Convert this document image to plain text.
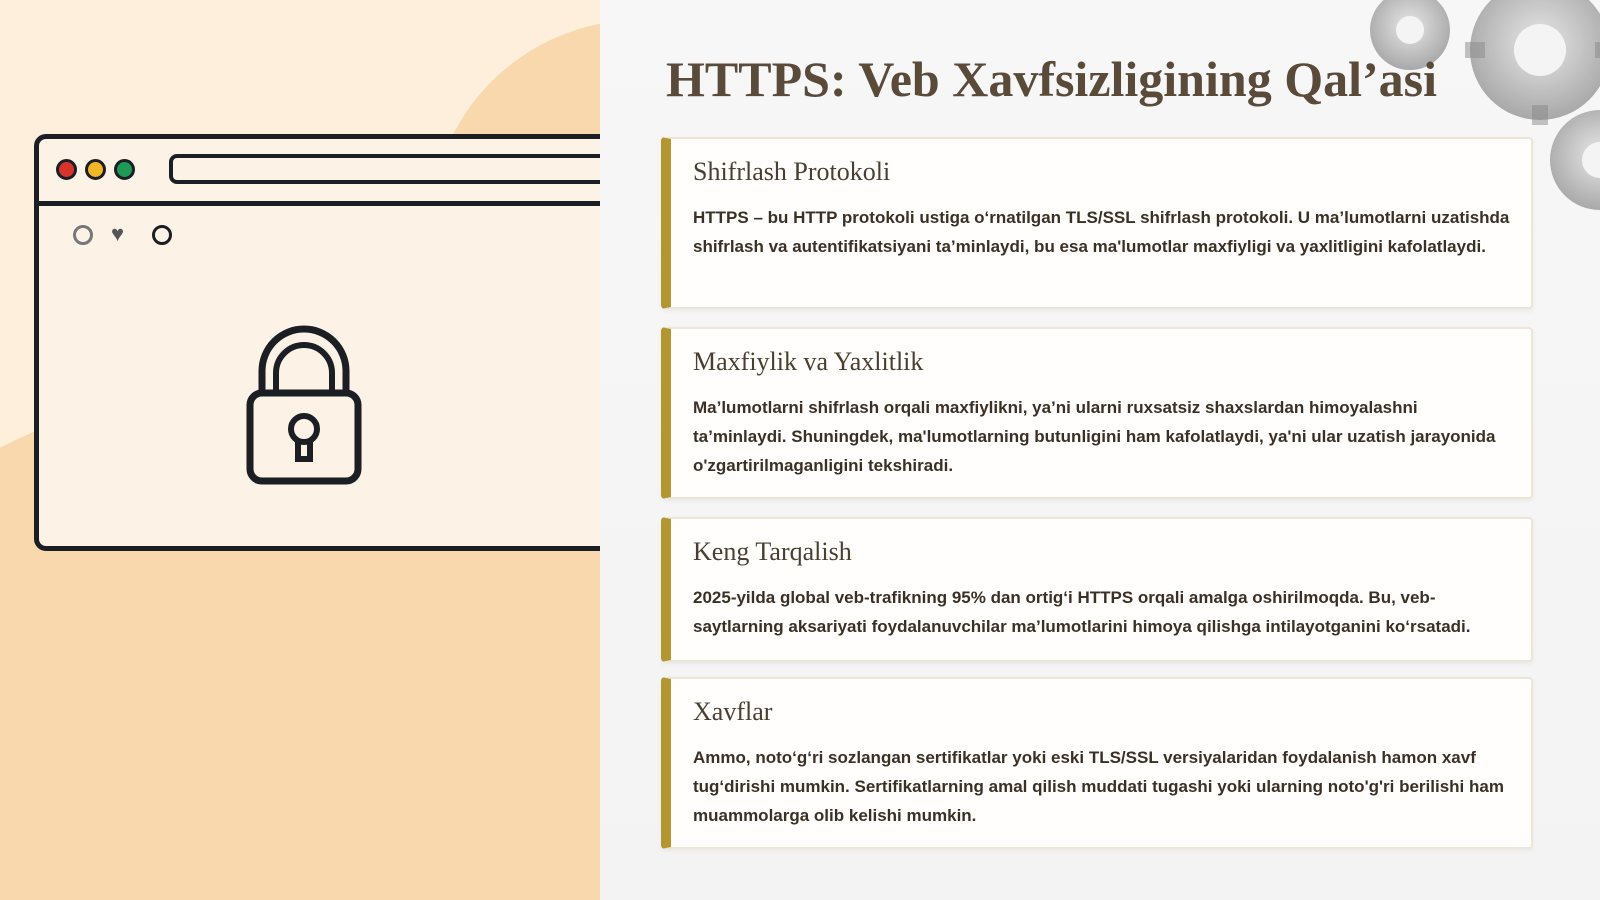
♥
HTTPS: Veb Xavfsizligining Qal’asi
Shifrlash Protokoli

HTTPS – bu HTTP protokoli ustiga o‘rnatilgan TLS/SSL shifrlash protokoli. U ma’lumotlarni uzatishda shifrlash va autentifikatsiyani ta’minlaydi, bu esa ma'lumotlar maxfiyligi va yaxlitligini kafolatlaydi.

Maxfiylik va Yaxlitlik

Ma’lumotlarni shifrlash orqali maxfiylikni, ya’ni ularni ruxsatsiz shaxslardan himoyalashni ta’minlaydi. Shuningdek, ma'lumotlarning butunligini ham kafolatlaydi, ya'ni ular uzatish jarayonida o'zgartirilmaganligini tekshiradi.

Keng Tarqalish

2025-yilda global veb-trafikning 95% dan ortig‘i HTTPS orqali amalga oshirilmoqda. Bu, veb-saytlarning aksariyati foydalanuvchilar ma’lumotlarini himoya qilishga intilayotganini ko‘rsatadi.

Xavflar

Ammo, noto‘g‘ri sozlangan sertifikatlar yoki eski TLS/SSL versiyalaridan foydalanish hamon xavf tug‘dirishi mumkin. Sertifikatlarning amal qilish muddati tugashi yoki ularning noto'g'ri berilishi ham muammolarga olib kelishi mumkin.
